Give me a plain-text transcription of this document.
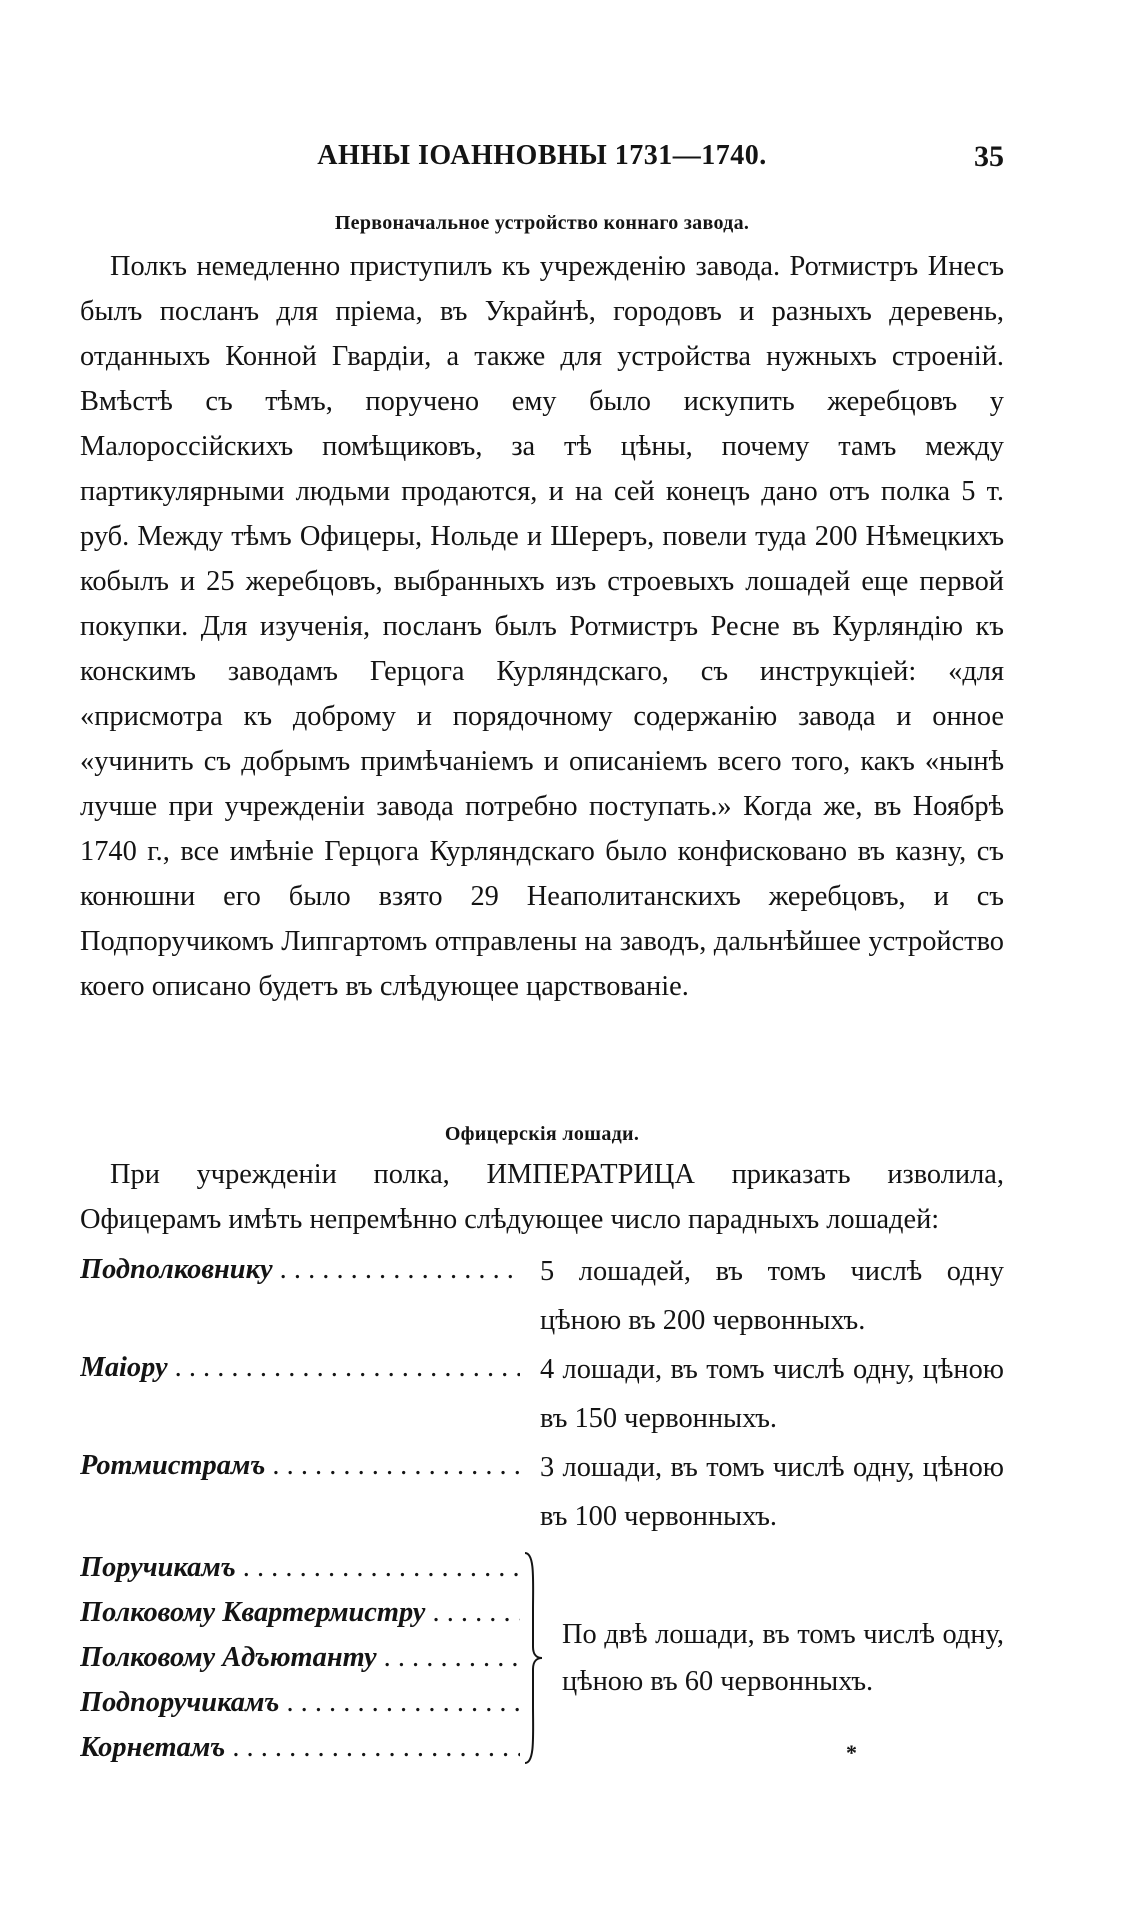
АННЫ ІОАННОВНЫ 1731—1740.	35
Первоначальное устройство коннаго завода.
Полкъ немедленно приступилъ къ учрежденію завода. Ротмистръ Инесъ былъ посланъ для пріема, въ Украйнѣ, городовъ и разныхъ деревень, отданныхъ Конной Гвардіи, а также для устройства нужныхъ строеній. Вмѣстѣ съ тѣмъ, поручено ему было искупить жеребцовъ у Малороссійскихъ помѣщиковъ, за тѣ цѣны, почему тамъ между партикулярными людьми продаются, и на сей конецъ дано отъ полка 5 т. руб. Между тѣмъ Офицеры, Нольде и Шереръ, повели туда 200 Нѣмецкихъ кобылъ и 25 жеребцовъ, выбранныхъ изъ строевыхъ лошадей еще первой покупки. Для изученія, посланъ былъ Ротмистръ Ресне въ Курляндію къ конскимъ заводамъ Герцога Курляндскаго, съ инструкціей: «для «присмотра къ доброму и порядочному содержанію завода и онное «учинить съ добрымъ примѣчаніемъ и описаніемъ всего того, какъ «нынѣ лучше при учрежденіи завода потребно поступать.» Когда же, въ Ноябрѣ 1740 г., все имѣніе Герцога Курляндскаго было конфисковано въ казну, съ конюшни его было взято 29 Неаполитанскихъ жеребцовъ, и съ Подпоручикомъ Липгартомъ отправлены на заводъ, дальнѣйшее устройство коего описано будетъ въ слѣдующее царствованіе.
Офицерскія лошади.
При учрежденіи полка, ИМПЕРАТРИЦА приказать изволила, Офицерамъ имѣть непремѣнно слѣдующее число парадныхъ лошадей:
Подполковнику . . .	5 лошадей, въ томъ числѣ одну цѣною въ 200 червонныхъ.
Маіору . . .	4 лошади, въ томъ числѣ одну, цѣною въ 150 червонныхъ.
Ротмистрамъ . . .	3 лошади, въ томъ числѣ одну, цѣною въ 100 червонныхъ.
Поручикамъ . . .
Полковому Квартермистру . . .
Полковому Адъютанту . . .
Подпоручикамъ . . .
Корнетамъ . . .
По двѣ лошади, въ томъ числѣ одну, цѣною въ 60 червонныхъ.
*
